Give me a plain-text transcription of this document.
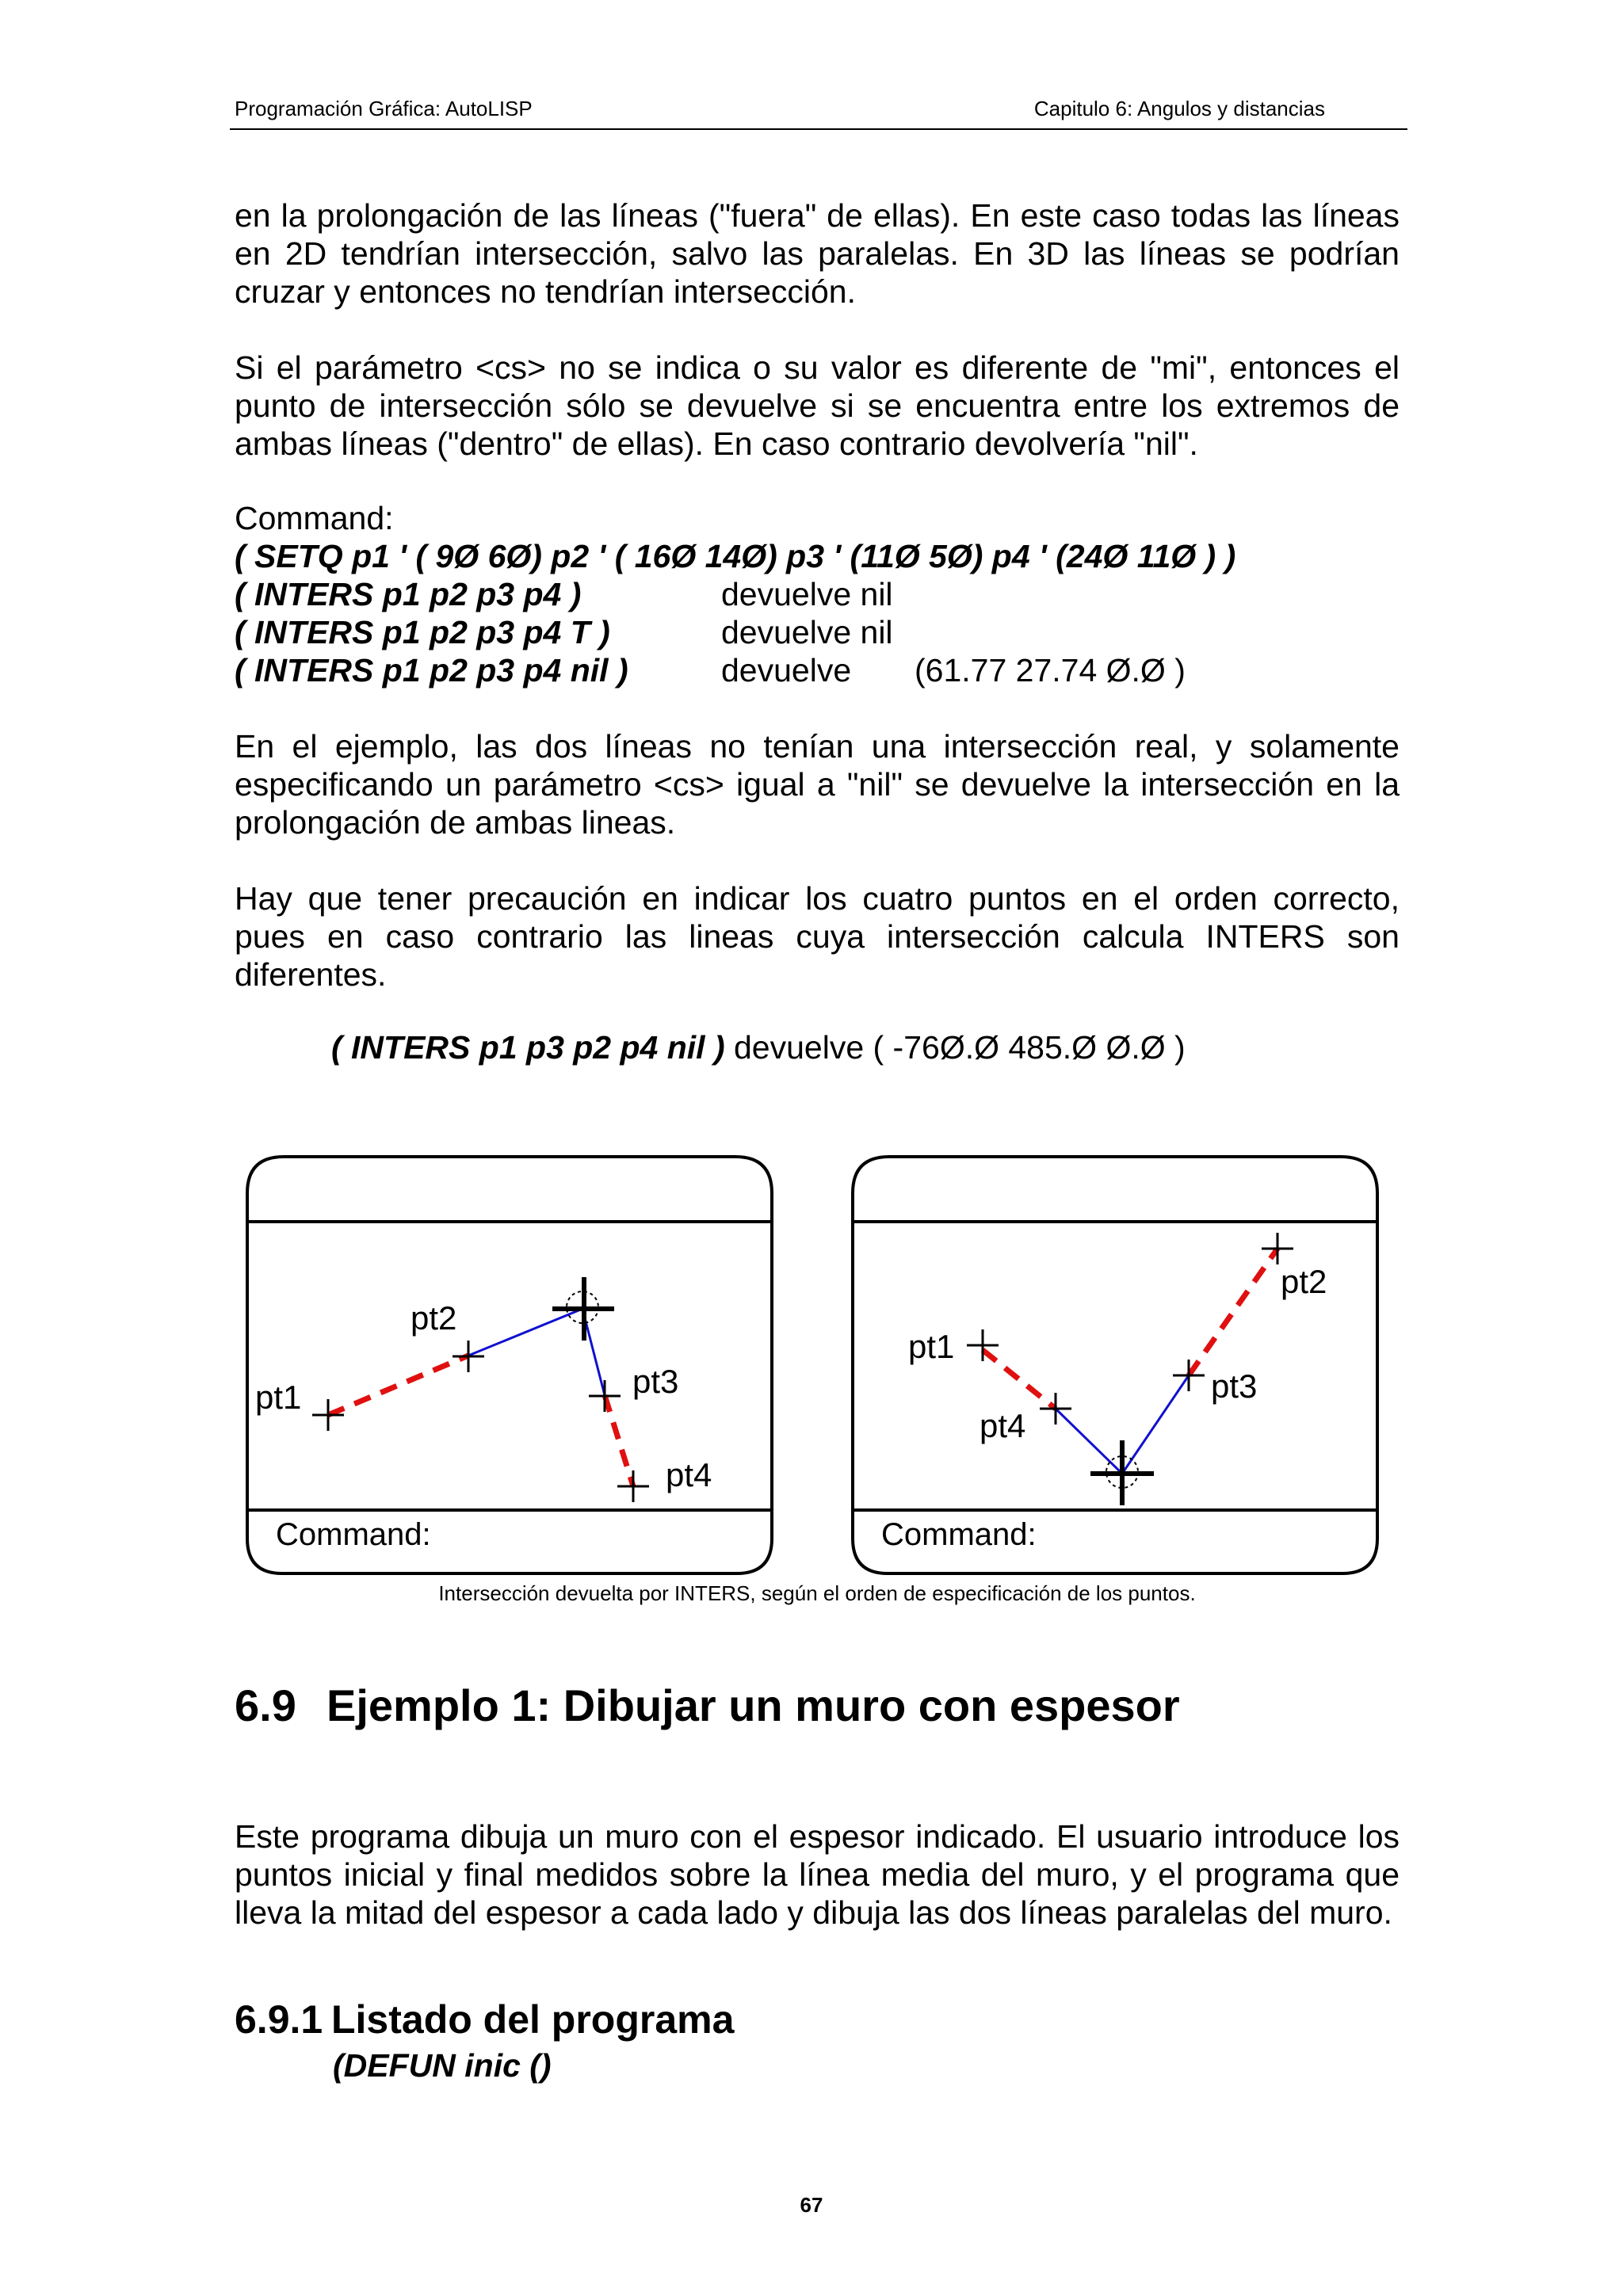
Programación Gráfica: AutoLISP	Capitulo 6: Angulos y distancias

en la prolongación de las líneas ("fuera" de ellas). En este caso todas las líneas en 2D tendrían intersección, salvo las paralelas. En 3D las líneas se podrían cruzar y entonces no tendrían intersección.

Si el parámetro <cs> no se indica o su valor es diferente de "mi", entonces el punto de intersección sólo se devuelve si se encuentra entre los extremos de ambas líneas ("dentro" de ellas). En caso contrario devolvería "nil".

Command:
( SETQ p1 ' ( 9Ø 6Ø) p2 ' ( 16Ø 14Ø) p3 ' (11Ø 5Ø) p4 ' (24Ø 11Ø ) )
( INTERS p1 p2 p3 p4 )	devuelve nil
( INTERS p1 p2 p3 p4 T )	devuelve nil
( INTERS p1 p2 p3 p4 nil )	devuelve (61.77 27.74 Ø.Ø )

En el ejemplo, las dos líneas no tenían una intersección real, y solamente especificando un parámetro <cs> igual a "nil" se devuelve la intersección en la prolongación de ambas lineas.

Hay que tener precaución en indicar los cuatro puntos en el orden correcto, pues en caso contrario las lineas cuya intersección calcula INTERS son diferentes.

( INTERS p1 p3 p2 p4 nil ) devuelve ( -76Ø.Ø 485.Ø Ø.Ø )
Command:
pt1
pt2
pt3
pt4
Command:
pt1
pt2
pt3
pt4
Intersección devuelta por INTERS, según el orden de especificación de los puntos.
6.9 Ejemplo 1: Dibujar un muro con espesor

Este programa dibuja un muro con el espesor indicado. El usuario introduce los puntos inicial y final medidos sobre la línea media del muro, y el programa que lleva la mitad del espesor a cada lado y dibuja las dos líneas paralelas del muro.

6.9.1 Listado del programa
(DEFUN inic ()
67
